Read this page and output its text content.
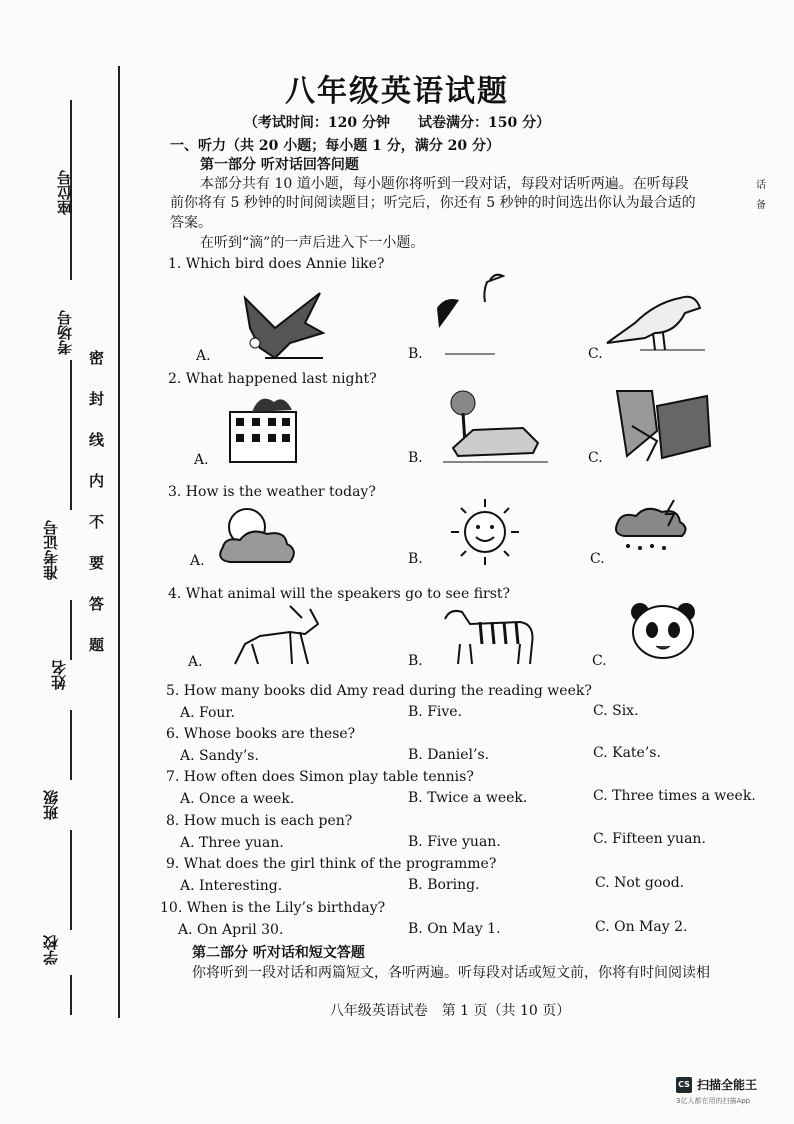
座位号
考场号
准考证号
姓名
班级
学校
密封线内不要答题
八年级英语试题
（考试时间：120 分钟　　试卷满分：150 分）
一、听力（共 20 小题；每小题 1 分，满分 20 分）
第一部分 听对话回答问题
本部分共有 10 道小题，每小题你将听到一段对话，每段对话听两遍。在听每段
前你将有 5 秒钟的时间阅读题目；听完后，你还有 5 秒钟的时间选出你认为最合适的
答案。
话
备
在听到“滴”的一声后进入下一小题。
1. Which bird does Annie like?
A.	B.	C.
2. What happened last night?
A.	B.	C.
3. How is the weather today?
A.	B.	C.
4. What animal will the speakers go to see first?
A.	B.	C.
5. How many books did Amy read during the reading week?
A. Four.	B. Five.	C. Six.
6. Whose books are these?
A. Sandy’s.	B. Daniel’s.	C. Kate’s.
7. How often does Simon play table tennis?
A. Once a week.	B. Twice a week.	C. Three times a week.
8. How much is each pen?
A. Three yuan.	B. Five yuan.	C. Fifteen yuan.
9. What does the girl think of the programme?
A. Interesting.	B. Boring.	C. Not good.
10. When is the Lily’s birthday?
A. On April 30.	B. On May 1.	C. On May 2.
第二部分 听对话和短文答题
你将听到一段对话和两篇短文，各听两遍。听每段对话或短文前，你将有时间阅读相
八年级英语试卷　第 1 页（共 10 页）
CS 扫描全能王
3亿人都在用的扫描App
